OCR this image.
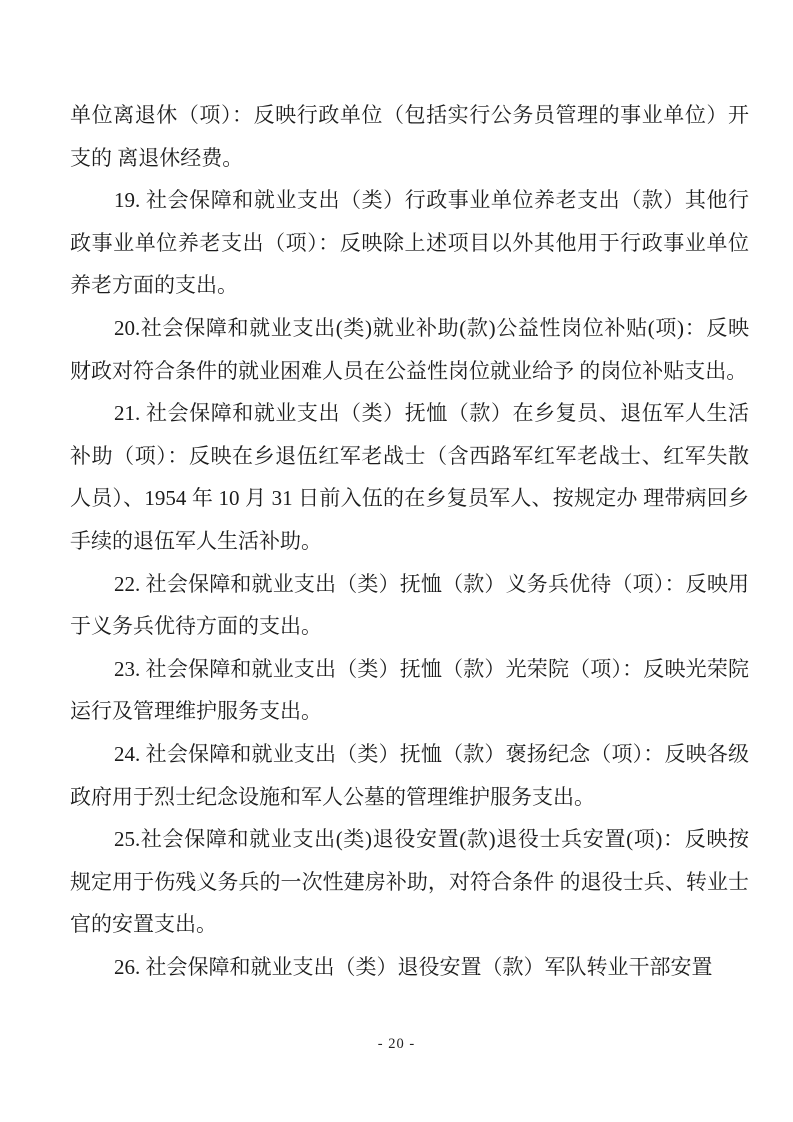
单位离退休（项）：反映行政单位（包括实行公务员管理的事业单位）开支的 离退休经费。

19. 社会保障和就业支出（类）行政事业单位养老支出（款）其他行政事业单位养老支出（项）：反映除上述项目以外其他用于行政事业单位养老方面的支出。

20.社会保障和就业支出(类)就业补助(款)公益性岗位补贴(项)：反映财政对符合条件的就业困难人员在公益性岗位就业给予 的岗位补贴支出。

21. 社会保障和就业支出（类）抚恤（款）在乡复员、退伍军人生活补助（项）：反映在乡退伍红军老战士（含西路军红军老战士、红军失散人员）、1954 年 10 月 31 日前入伍的在乡复员军人、按规定办 理带病回乡手续的退伍军人生活补助。

22. 社会保障和就业支出（类）抚恤（款）义务兵优待（项）：反映用于义务兵优待方面的支出。

23. 社会保障和就业支出（类）抚恤（款）光荣院（项）：反映光荣院运行及管理维护服务支出。

24. 社会保障和就业支出（类）抚恤（款）褒扬纪念（项）：反映各级政府用于烈士纪念设施和军人公墓的管理维护服务支出。

25.社会保障和就业支出(类)退役安置(款)退役士兵安置(项)：反映按规定用于伤残义务兵的一次性建房补助，对符合条件 的退役士兵、转业士官的安置支出。

26. 社会保障和就业支出（类）退役安置（款）军队转业干部安置

- 20 -
